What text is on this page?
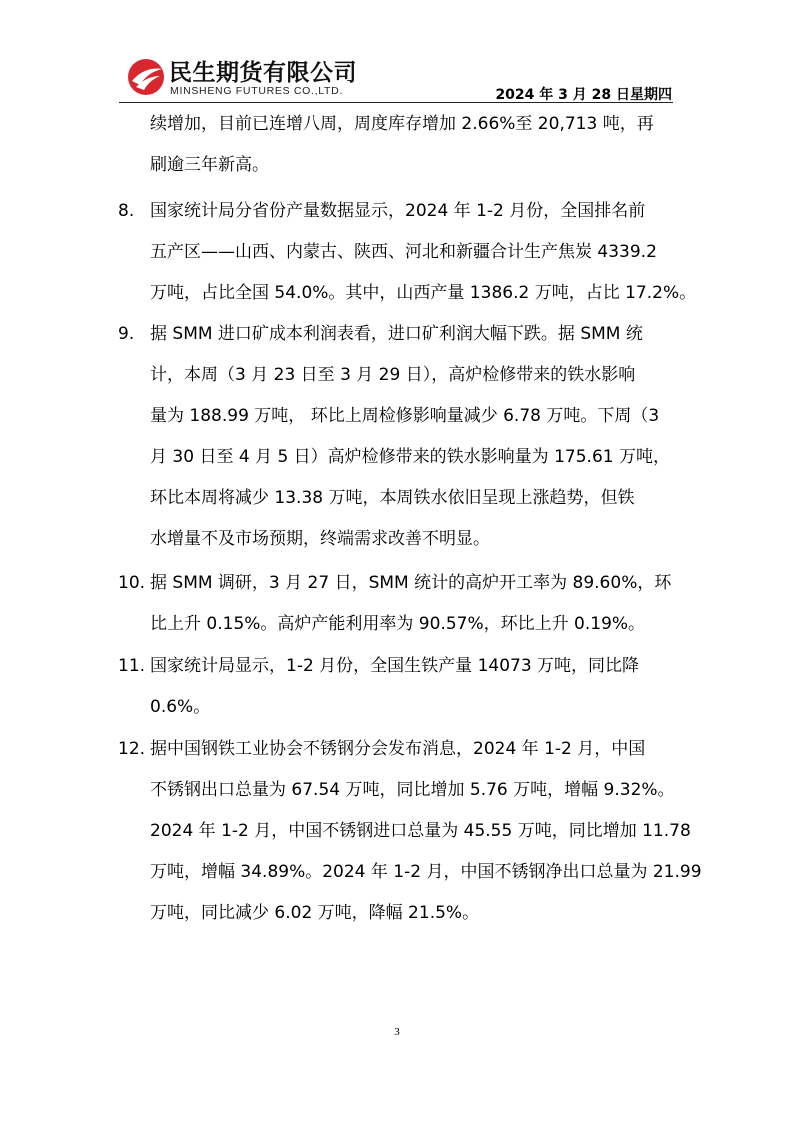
民生期货有限公司
MINSHENG FUTURES CO.,LTD.	2024 年 3 月 28 日星期四
续增加，目前已连增八周，周度库存增加 2.66%至 20,713 吨，再
刷逾三年新高。
8. 国家统计局分省份产量数据显示，2024 年 1-2 月份，全国排名前
五产区——山西、内蒙古、陕西、河北和新疆合计生产焦炭 4339.2
万吨，占比全国 54.0%。其中，山西产量 1386.2 万吨，占比 17.2%。
9. 据 SMM 进口矿成本利润表看，进口矿利润大幅下跌。据 SMM 统
计，本周（3 月 23 日至 3 月 29 日），高炉检修带来的铁水影响
量为 188.99 万吨， 环比上周检修影响量减少 6.78 万吨。下周（3
月 30 日至 4 月 5 日）高炉检修带来的铁水影响量为 175.61 万吨，
环比本周将减少 13.38 万吨，本周铁水依旧呈现上涨趋势，但铁
水增量不及市场预期，终端需求改善不明显。
10. 据 SMM 调研，3 月 27 日，SMM 统计的高炉开工率为 89.60%，环
比上升 0.15%。高炉产能利用率为 90.57%，环比上升 0.19%。
11. 国家统计局显示，1-2 月份，全国生铁产量 14073 万吨，同比降
0.6%。
12. 据中国钢铁工业协会不锈钢分会发布消息，2024 年 1-2 月，中国
不锈钢出口总量为 67.54 万吨，同比增加 5.76 万吨，增幅 9.32%。
2024 年 1-2 月，中国不锈钢进口总量为 45.55 万吨，同比增加 11.78
万吨，增幅 34.89%。2024 年 1-2 月，中国不锈钢净出口总量为 21.99
万吨，同比减少 6.02 万吨，降幅 21.5%。
3
